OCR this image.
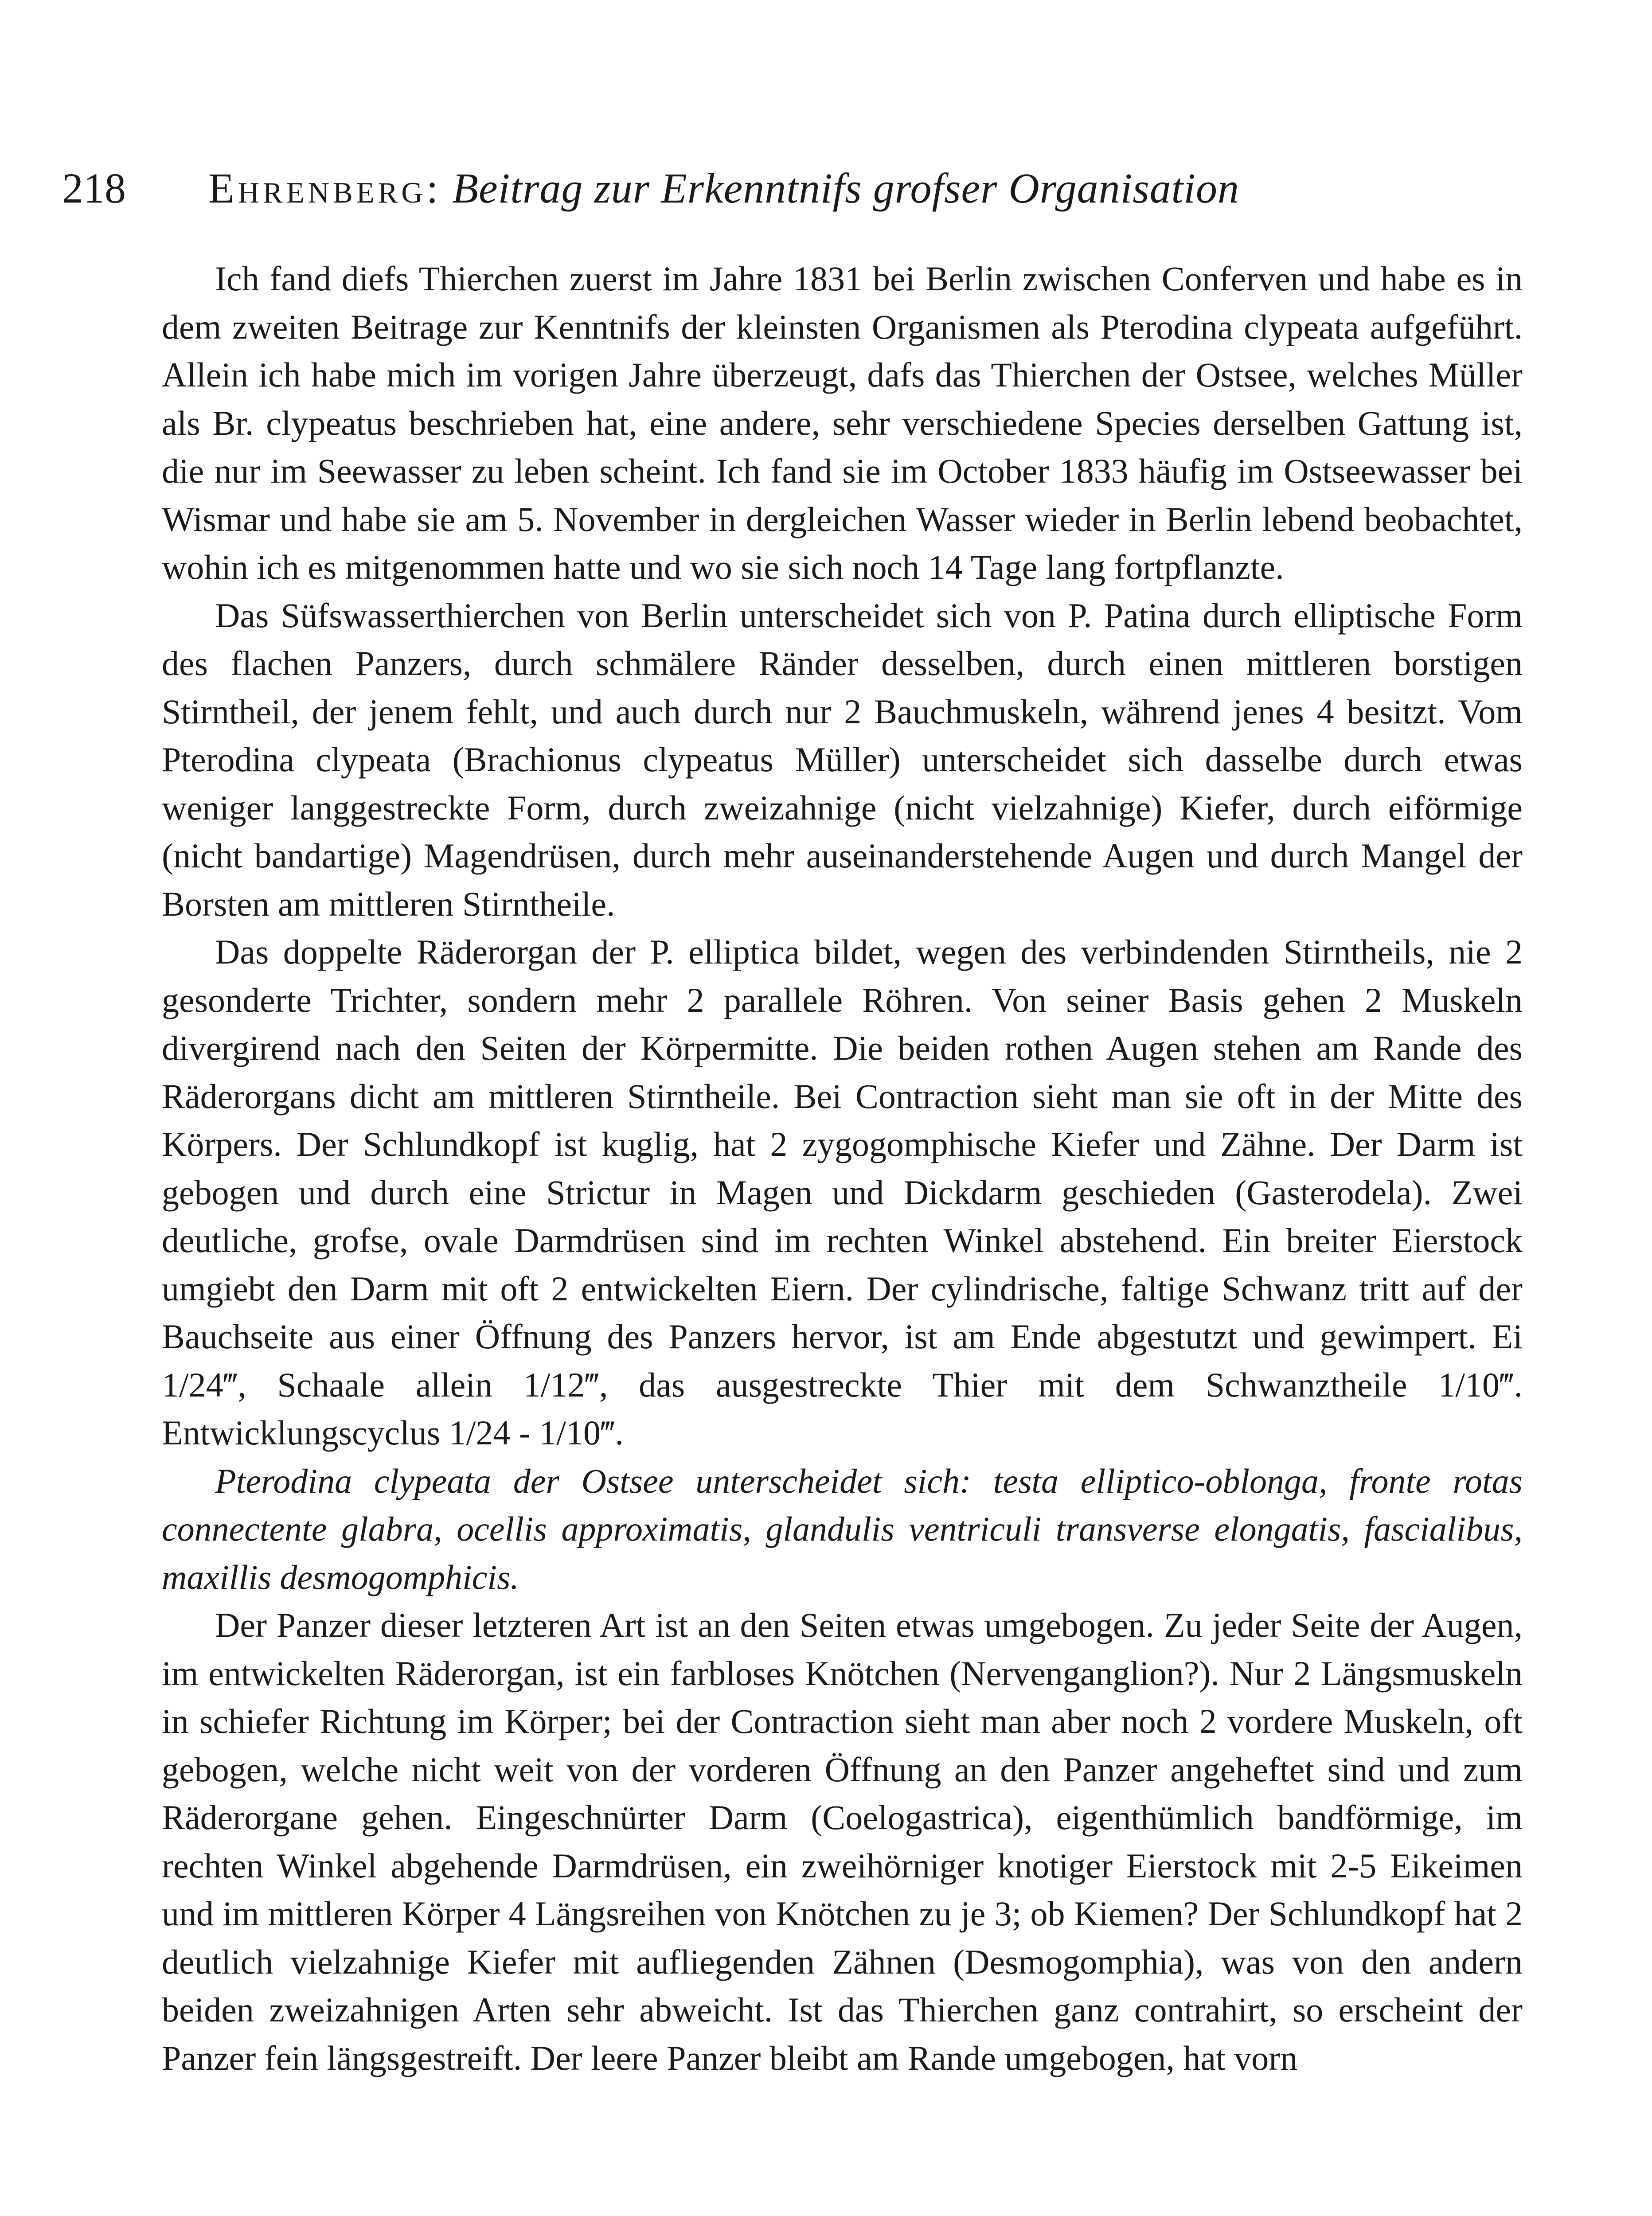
218 Ehrenberg: Beitrag zur Erkenntnifs grofser Organisation

Ich fand diefs Thierchen zuerst im Jahre 1831 bei Berlin zwischen Conferven und habe es in dem zweiten Beitrage zur Kenntnifs der kleinsten Organismen als Pterodina clypeata aufgeführt. Allein ich habe mich im vorigen Jahre überzeugt, dafs das Thierchen der Ostsee, welches Müller als Br. clypeatus beschrieben hat, eine andere, sehr verschiedene Species derselben Gattung ist, die nur im Seewasser zu leben scheint. Ich fand sie im October 1833 häufig im Ostseewasser bei Wismar und habe sie am 5. November in dergleichen Wasser wieder in Berlin lebend beobachtet, wohin ich es mitgenommen hatte und wo sie sich noch 14 Tage lang fortpflanzte.

Das Süfswasserthierchen von Berlin unterscheidet sich von P. Patina durch elliptische Form des flachen Panzers, durch schmälere Ränder desselben, durch einen mittleren borstigen Stirntheil, der jenem fehlt, und auch durch nur 2 Bauchmuskeln, während jenes 4 besitzt. Vom Pterodina clypeata (Brachionus clypeatus Müller) unterscheidet sich dasselbe durch etwas weniger langgestreckte Form, durch zweizahnige (nicht vielzahnige) Kiefer, durch eiförmige (nicht bandartige) Magendrüsen, durch mehr auseinanderstehende Augen und durch Mangel der Borsten am mittleren Stirntheile.

Das doppelte Räderorgan der P. elliptica bildet, wegen des verbindenden Stirntheils, nie 2 gesonderte Trichter, sondern mehr 2 parallele Röhren. Von seiner Basis gehen 2 Muskeln divergirend nach den Seiten der Körpermitte. Die beiden rothen Augen stehen am Rande des Räderorgans dicht am mittleren Stirntheile. Bei Contraction sieht man sie oft in der Mitte des Körpers. Der Schlundkopf ist kuglig, hat 2 zygogomphische Kiefer und Zähne. Der Darm ist gebogen und durch eine Strictur in Magen und Dickdarm geschieden (Gasterodela). Zwei deutliche, grofse, ovale Darmdrüsen sind im rechten Winkel abstehend. Ein breiter Eierstock umgiebt den Darm mit oft 2 entwickelten Eiern. Der cylindrische, faltige Schwanz tritt auf der Bauchseite aus einer Öffnung des Panzers hervor, ist am Ende abgestutzt und gewimpert. Ei 1/24‴, Schaale allein 1/12‴, das ausgestreckte Thier mit dem Schwanztheile 1/10‴. Entwicklungscyclus 1/24 - 1/10‴.

Pterodina clypeata der Ostsee unterscheidet sich: testa elliptico-oblonga, fronte rotas connectente glabra, ocellis approximatis, glandulis ventriculi transverse elongatis, fascialibus, maxillis desmogomphicis.

Der Panzer dieser letzteren Art ist an den Seiten etwas umgebogen. Zu jeder Seite der Augen, im entwickelten Räderorgan, ist ein farbloses Knötchen (Nervenganglion?). Nur 2 Längsmuskeln in schiefer Richtung im Körper; bei der Contraction sieht man aber noch 2 vordere Muskeln, oft gebogen, welche nicht weit von der vorderen Öffnung an den Panzer angeheftet sind und zum Räderorgane gehen. Eingeschnürter Darm (Coelogastrica), eigenthümlich bandförmige, im rechten Winkel abgehende Darmdrüsen, ein zweihörniger knotiger Eierstock mit 2-5 Eikeimen und im mittleren Körper 4 Längsreihen von Knötchen zu je 3; ob Kiemen? Der Schlundkopf hat 2 deutlich vielzahnige Kiefer mit aufliegenden Zähnen (Desmogomphia), was von den andern beiden zweizahnigen Arten sehr abweicht. Ist das Thierchen ganz contrahirt, so erscheint der Panzer fein längsgestreift. Der leere Panzer bleibt am Rande umgebogen, hat vorn
